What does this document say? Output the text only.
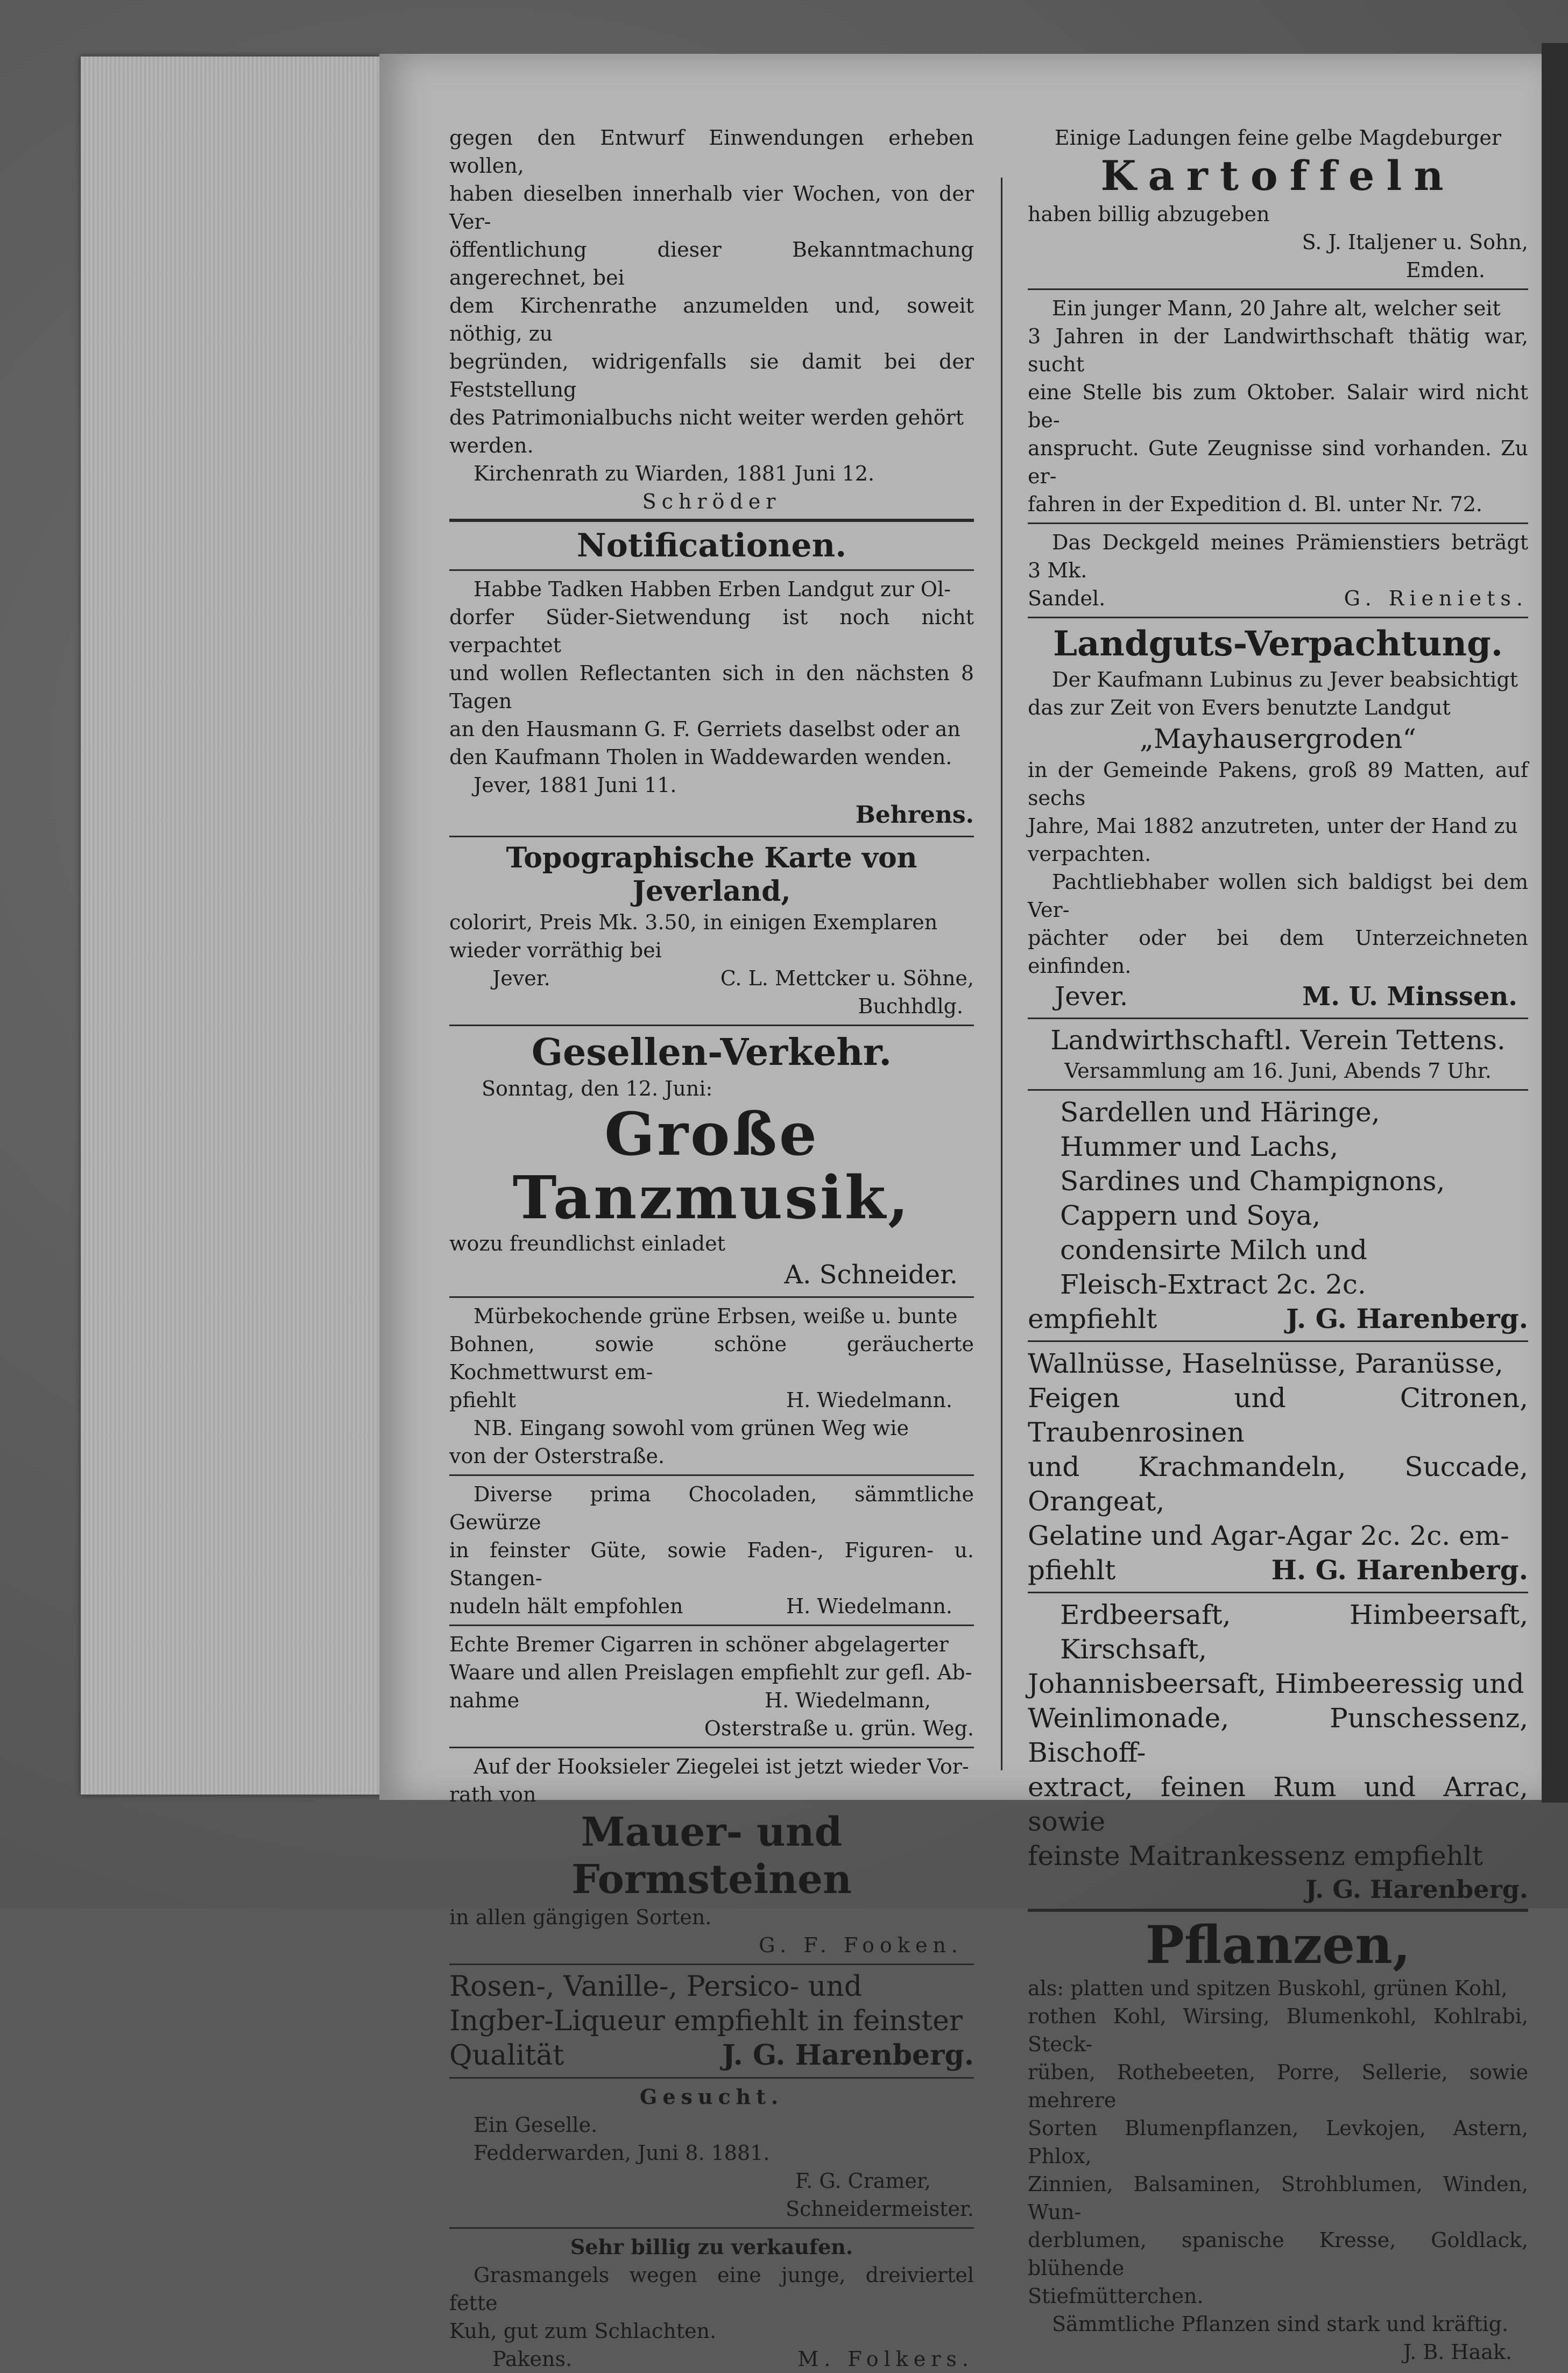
gegen den Entwurf Einwendungen erheben wollen,

haben dieselben innerhalb vier Wochen, von der Ver-

öffentlichung dieser Bekanntmachung angerechnet, bei

dem Kirchenrathe anzumelden und, soweit nöthig, zu

begründen, widrigenfalls sie damit bei der Feststellung

des Patrimonialbuchs nicht weiter werden gehört

werden.

Kirchenrath zu Wiarden, 1881 Juni 12.

Schröder

Notificationen.

Habbe Tadken Habben Erben Landgut zur Ol-

dorfer Süder-Sietwendung ist noch nicht verpachtet

und wollen Reflectanten sich in den nächsten 8 Tagen

an den Hausmann G. F. Gerriets daselbst oder an

den Kaufmann Tholen in Waddewarden wenden.

Jever, 1881 Juni 11.

Behrens.

Topographische Karte von Jeverland,

colorirt, Preis Mk. 3.50, in einigen Exemplaren

wieder vorräthig bei

Jever.	C. L. Mettcker u. Söhne,

Buchhdlg.

Gesellen-Verkehr.

Sonntag, den 12. Juni:

Große Tanzmusik,

wozu freundlichst einladet

A. Schneider.

Mürbekochende grüne Erbsen, weiße u. bunte

Bohnen, sowie schöne geräucherte Kochmettwurst em-

pfiehlt	H. Wiedelmann.

NB. Eingang sowohl vom grünen Weg wie

von der Osterstraße.

Diverse prima Chocoladen, sämmtliche Gewürze

in feinster Güte, sowie Faden-, Figuren- u. Stangen-

nudeln hält empfohlen	H. Wiedelmann.

Echte Bremer Cigarren in schöner abgelagerter

Waare und allen Preislagen empfiehlt zur gefl. Ab-

nahme	H. Wiedelmann,

Osterstraße u. grün. Weg.

Auf der Hooksieler Ziegelei ist jetzt wieder Vor-

rath von

Mauer- und Formsteinen

in allen gängigen Sorten.

G. F. Fooken.

Rosen-, Vanille-, Persico- und

Ingber-Liqueur empfiehlt in feinster

Qualität	J. G. Harenberg.

Gesucht.

Ein Geselle.

Fedderwarden, Juni 8. 1881.

F. G. Cramer,

Schneidermeister.

Sehr billig zu verkaufen.

Grasmangels wegen eine junge, dreiviertel fette

Kuh, gut zum Schlachten.

Pakens.	M. Folkers.

Einige Ladungen feine gelbe Magdeburger

Kartoffeln

haben billig abzugeben

S. J. Italjener u. Sohn,

Emden.

Ein junger Mann, 20 Jahre alt, welcher seit

3 Jahren in der Landwirthschaft thätig war, sucht

eine Stelle bis zum Oktober. Salair wird nicht be-

ansprucht. Gute Zeugnisse sind vorhanden. Zu er-

fahren in der Expedition d. Bl. unter Nr. 72.

Das Deckgeld meines Prämienstiers beträgt 3 Mk.

Sandel.	G. Rieniets.

Landguts-Verpachtung.

Der Kaufmann Lubinus zu Jever beabsichtigt

das zur Zeit von Evers benutzte Landgut

„Mayhausergroden“

in der Gemeinde Pakens, groß 89 Matten, auf sechs

Jahre, Mai 1882 anzutreten, unter der Hand zu

verpachten.

Pachtliebhaber wollen sich baldigst bei dem Ver-

pächter oder bei dem Unterzeichneten einfinden.

Jever.	M. U. Minssen.

Landwirthschaftl. Verein Tettens.

Versammlung am 16. Juni, Abends 7 Uhr.

Sardellen und Häringe,

Hummer und Lachs,

Sardines und Champignons,

Cappern und Soya,

condensirte Milch und

Fleisch-Extract 2c. 2c.

empfiehlt	J. G. Harenberg.

Wallnüsse, Haselnüsse, Paranüsse,

Feigen und Citronen, Traubenrosinen

und Krachmandeln, Succade, Orangeat,

Gelatine und Agar-Agar 2c. 2c. em-

pfiehlt	H. G. Harenberg.

Erdbeersaft, Himbeersaft, Kirschsaft,

Johannisbeersaft, Himbeeressig und

Weinlimonade, Punschessenz, Bischoff-

extract, feinen Rum und Arrac, sowie

feinste Maitrankessenz empfiehlt

J. G. Harenberg.

Pflanzen,

als: platten und spitzen Buskohl, grünen Kohl,

rothen Kohl, Wirsing, Blumenkohl, Kohlrabi, Steck-

rüben, Rothebeeten, Porre, Sellerie, sowie mehrere

Sorten Blumenpflanzen, Levkojen, Astern, Phlox,

Zinnien, Balsaminen, Strohblumen, Winden, Wun-

derblumen, spanische Kresse, Goldlack, blühende

Stiefmütterchen.

Sämmtliche Pflanzen sind stark und kräftig.

J. B. Haak.
